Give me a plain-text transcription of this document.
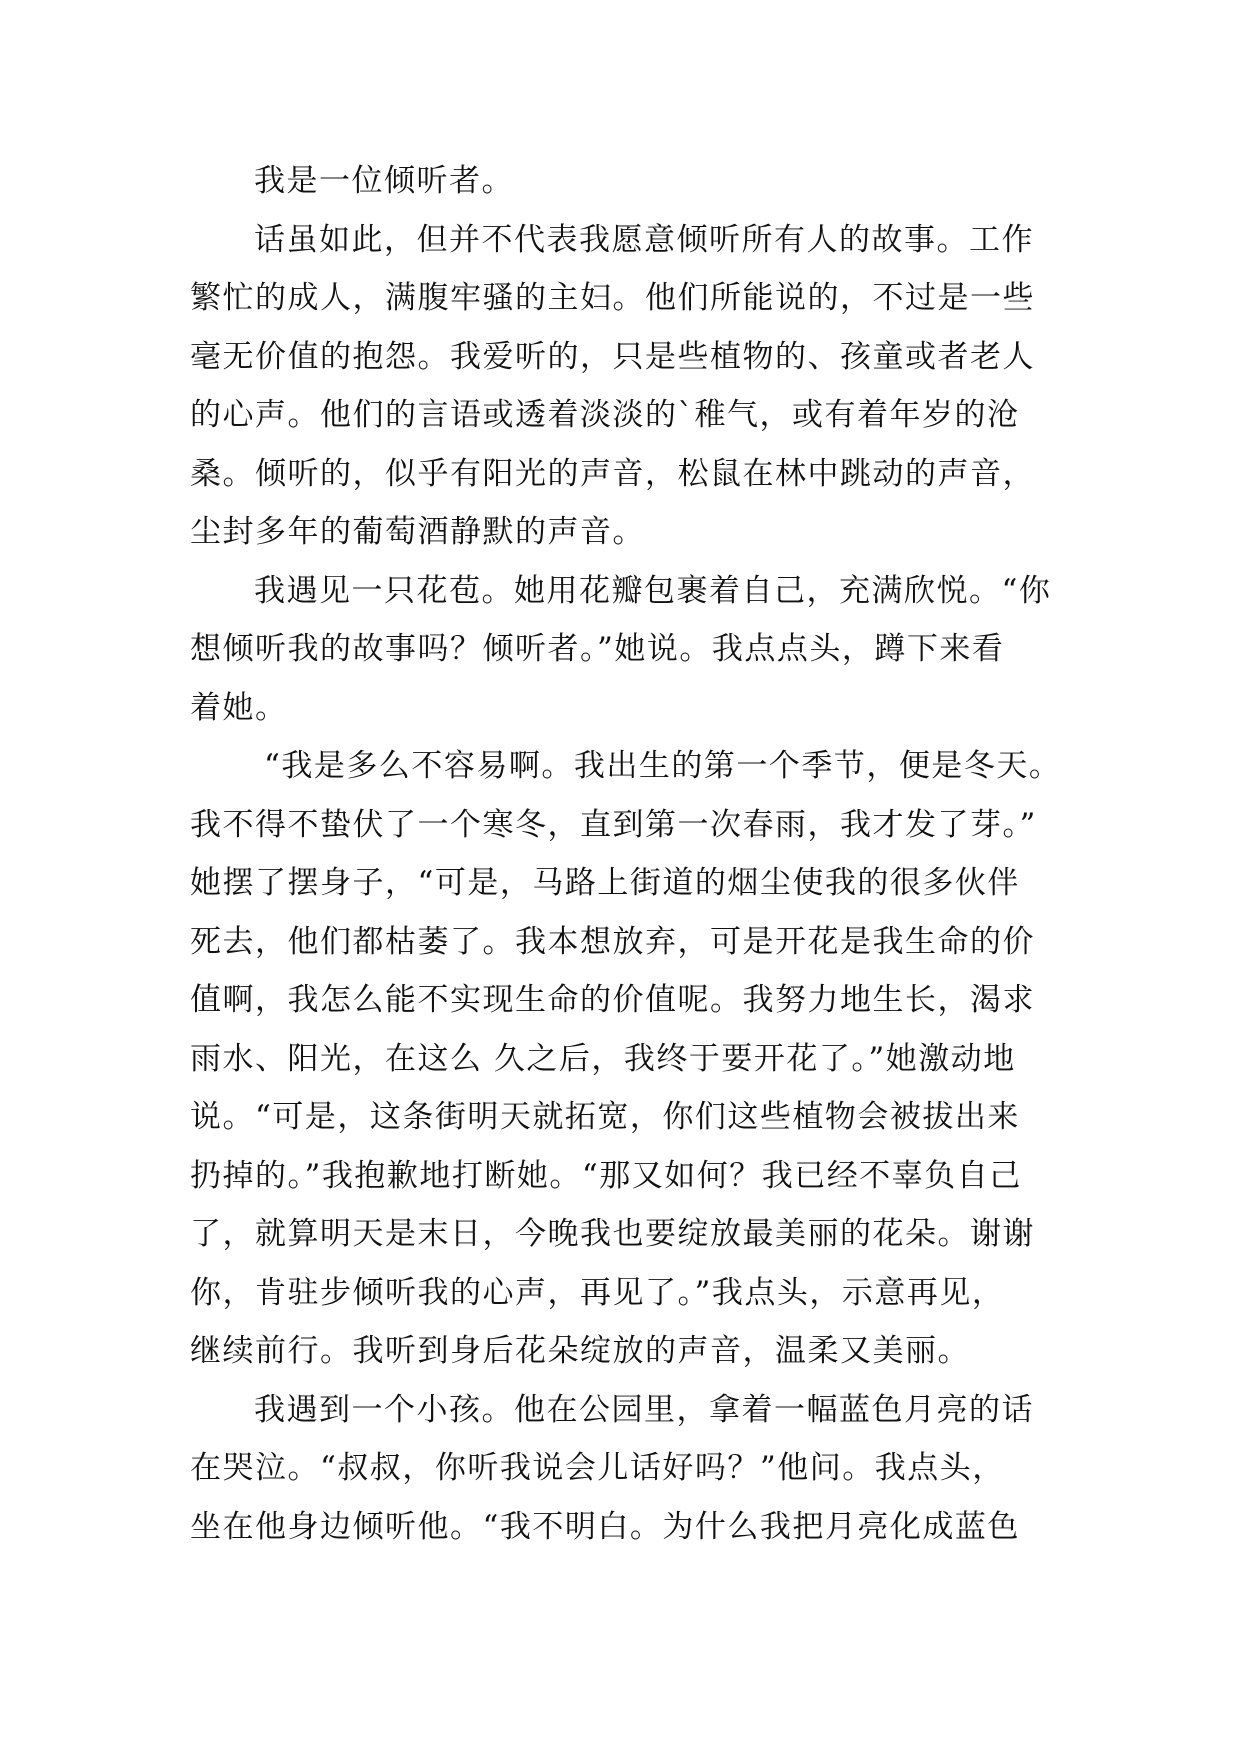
我是一位倾听者。
话虽如此，但并不代表我愿意倾听所有人的故事。工作
繁忙的成人，满腹牢骚的主妇。他们所能说的，不过是一些
毫无价值的抱怨。我爱听的，只是些植物的、孩童或者老人
的心声。他们的言语或透着淡淡的`稚气，或有着年岁的沧
桑。倾听的，似乎有阳光的声音，松鼠在林中跳动的声音，
尘封多年的葡萄酒静默的声音。
我遇见一只花苞。她用花瓣包裹着自己，充满欣悦。“你
想倾听我的故事吗？倾听者。”她说。我点点头，蹲下来看
着她。
“我是多么不容易啊。我出生的第一个季节，便是冬天。
我不得不蛰伏了一个寒冬，直到第一次春雨，我才发了芽。”
她摆了摆身子，“可是，马路上街道的烟尘使我的很多伙伴
死去，他们都枯萎了。我本想放弃，可是开花是我生命的价
值啊，我怎么能不实现生命的价值呢。我努力地生长，渴求
雨水、阳光，在这么 久之后，我终于要开花了。”她激动地
说。“可是，这条街明天就拓宽，你们这些植物会被拔出来
扔掉的。”我抱歉地打断她。“那又如何？我已经不辜负自己
了，就算明天是末日，今晚我也要绽放最美丽的花朵。谢谢
你，肯驻步倾听我的心声，再见了。”我点头，示意再见，
继续前行。我听到身后花朵绽放的声音，温柔又美丽。
我遇到一个小孩。他在公园里，拿着一幅蓝色月亮的话
在哭泣。“叔叔，你听我说会儿话好吗？”他问。我点头，
坐在他身边倾听他。“我不明白。为什么我把月亮化成蓝色
